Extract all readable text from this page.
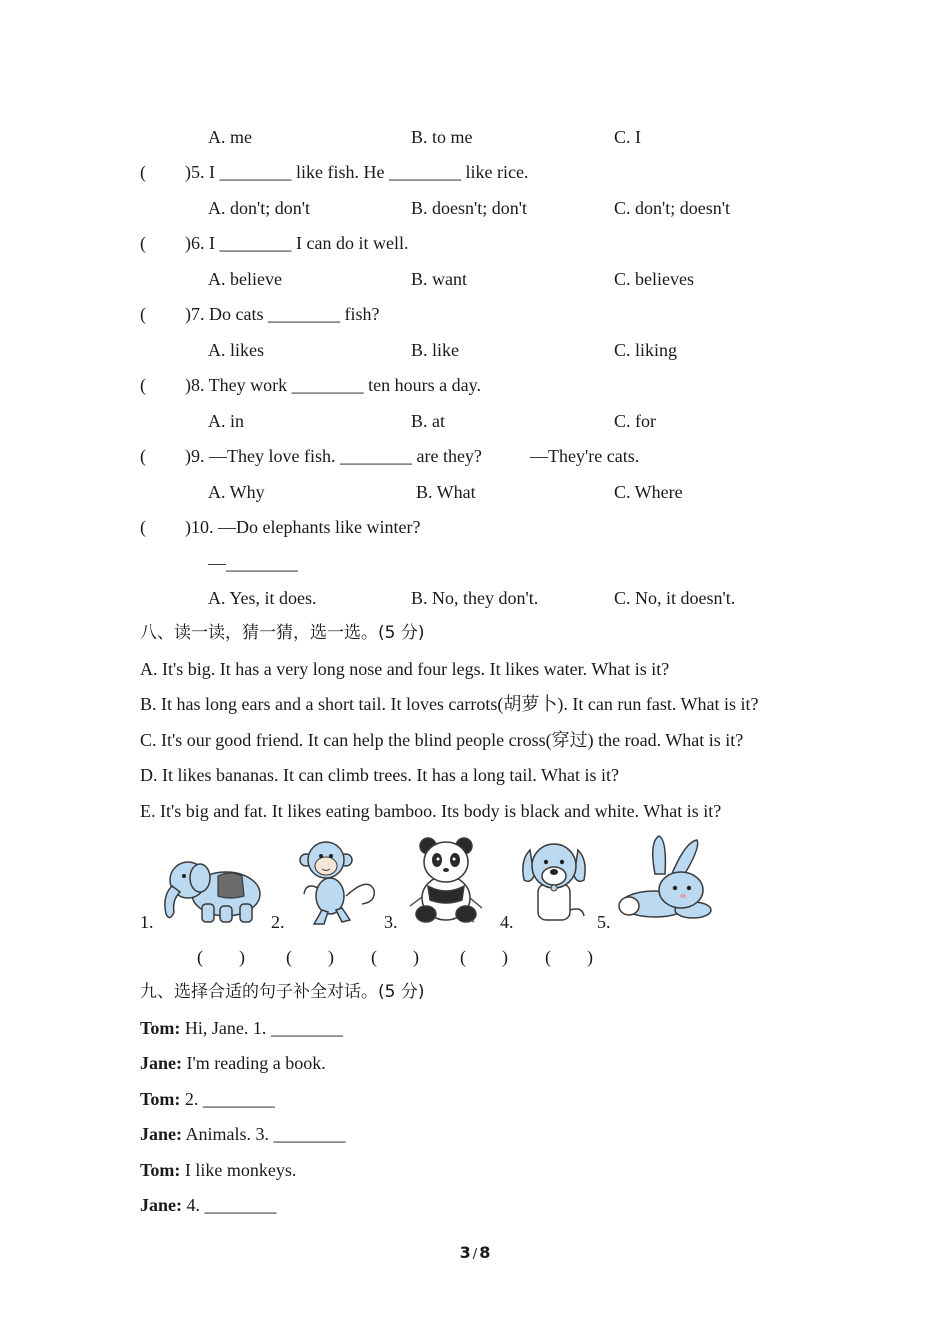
A. me	B. to me	C. I
( )5. I ________ like fish. He ________ like rice.
A. don't; don't	B. doesn't; don't	C. don't; doesn't
( )6. I ________ I can do it well.
A. believe	B. want	C. believes
( )7. Do cats ________ fish?
A. likes	B. like	C. liking
( )8. They work ________ ten hours a day.
A. in	B. at	C. for
( )9. —They love fish. ________ are they?	—They're cats.
A. Why	B. What	C. Where
( )10. —Do elephants like winter?
—________
A. Yes, it does.	B. No, they don't.	C. No, it doesn't.
八、读一读，猜一猜，选一选。(5 分)
A. It's big. It has a very long nose and four legs. It likes water. What is it?
B. It has long ears and a short tail. It loves carrots(胡萝卜). It can run fast. What is it?
C. It's our good friend. It can help the blind people cross(穿过) the road. What is it?
D. It likes bananas. It can climb trees. It has a long tail. What is it?
E. It's big and fat. It likes eating bamboo. Its body is black and white. What is it?
1.	2.	3.	4.	5.
(        ) (        ) (        ) (        ) (        )
九、选择合适的句子补全对话。(5 分)
Tom: Hi, Jane. 1. ________
Jane: I'm reading a book.
Tom: 2. ________
Jane: Animals. 3. ________
Tom: I like monkeys.
Jane: 4. ________
3 / 8
